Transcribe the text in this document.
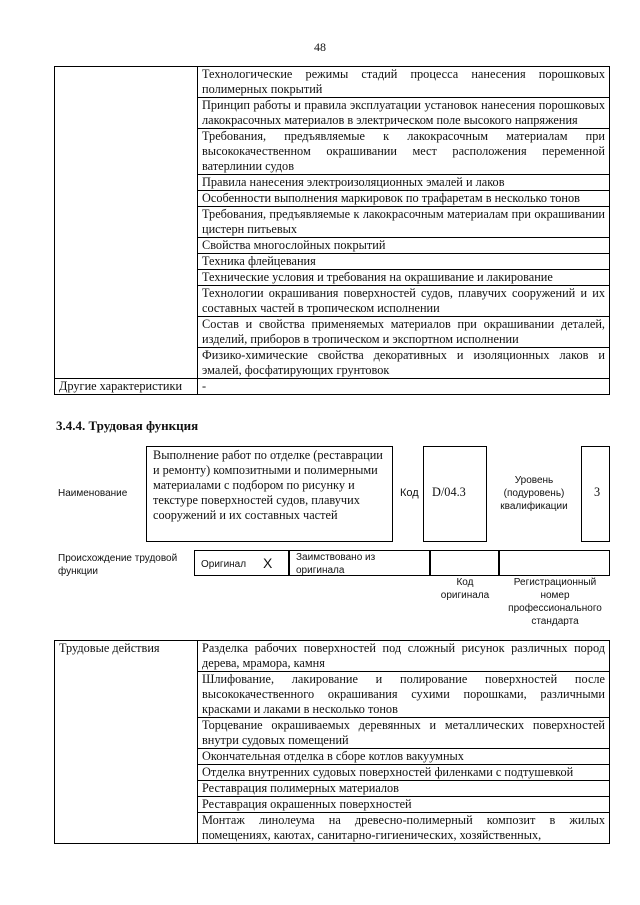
48
	Технологические режимы стадий процесса нанесения порошковых полимерных покрытий
	Принцип работы и правила эксплуатации установок нанесения порошковых лакокрасочных материалов в электрическом поле высокого напряжения
	Требования, предъявляемые к лакокрасочным материалам при высококачественном окрашивании мест расположения переменной ватерлинии судов
	Правила нанесения электроизоляционных эмалей и лаков
	Особенности выполнения маркировок по трафаретам в несколько тонов
	Требования, предъявляемые к лакокрасочным материалам при окрашивании цистерн питьевых
	Свойства многослойных покрытий
	Техника флейцевания
	Технические условия и требования на окрашивание и лакирование
	Технологии окрашивания поверхностей судов, плавучих сооружений и их составных частей в тропическом исполнении
	Состав и свойства применяемых материалов при окрашивании деталей, изделий, приборов в тропическом и экспортном исполнении
	Физико-химические свойства декоративных и изоляционных лаков и эмалей, фосфатирующих грунтовок
Другие характеристики	-
3.4.4. Трудовая функция
Наименование
Выполнение работ по отделке (реставрации и ремонту) композитными и полимерными материалами с подбором по рисунку и текстуре поверхностей судов, плавучих сооружений и их составных частей
Код D/04.3
Уровень (подуровень) квалификации
3
Происхождение трудовой функции
Оригинал X Заимствовано из оригинала
Код оригинала
Регистрационный номер профессионального стандарта
Трудовые действия	Разделка рабочих поверхностей под сложный рисунок различных пород дерева, мрамора, камня
Шлифование, лакирование и полирование поверхностей после высококачественного окрашивания сухими порошками, различными красками и лаками в несколько тонов
Торцевание окрашиваемых деревянных и металлических поверхностей внутри судовых помещений
Окончательная отделка в сборе котлов вакуумных
Отделка внутренних судовых поверхностей филенками с подтушевкой
Реставрация полимерных материалов
Реставрация окрашенных поверхностей
Монтаж линолеума на древесно-полимерный композит в жилых помещениях, каютах, санитарно-гигиенических, хозяйственных,
